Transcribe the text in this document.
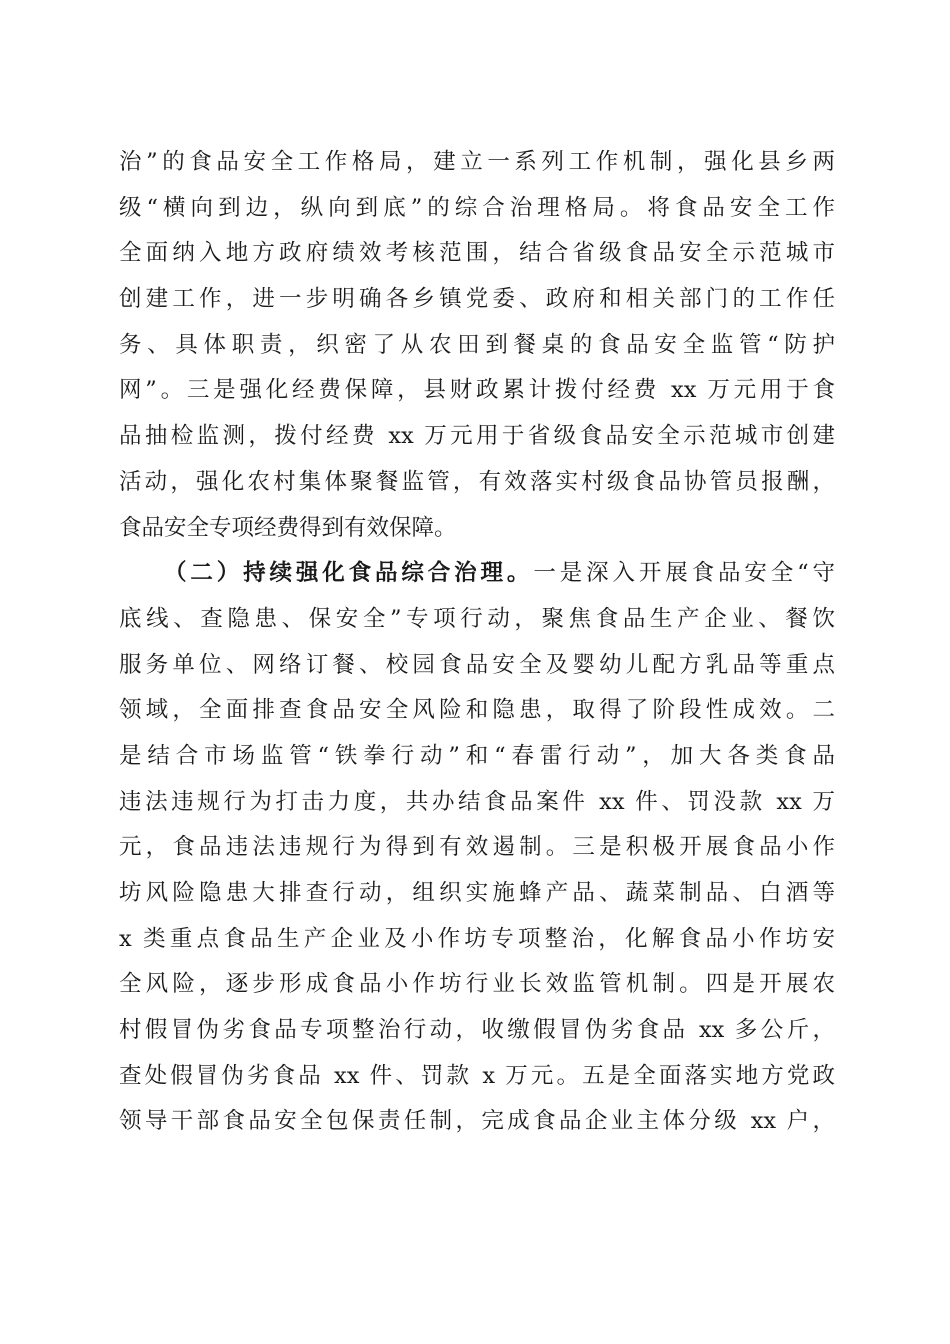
治”的食品安全工作格局，建立一系列工作机制，强化县乡两
级“横向到边，纵向到底”的综合治理格局。将食品安全工作
全面纳入地方政府绩效考核范围，结合省级食品安全示范城市
创建工作，进一步明确各乡镇党委、政府和相关部门的工作任
务、具体职责，织密了从农田到餐桌的食品安全监管“防护
网”。三是强化经费保障，县财政累计拨付经费 xx 万元用于食
品抽检监测，拨付经费 xx 万元用于省级食品安全示范城市创建
活动，强化农村集体聚餐监管，有效落实村级食品协管员报酬，
食品安全专项经费得到有效保障。
（二）持续强化食品综合治理。一是深入开展食品安全“守
底线、查隐患、保安全”专项行动，聚焦食品生产企业、餐饮
服务单位、网络订餐、校园食品安全及婴幼儿配方乳品等重点
领域，全面排查食品安全风险和隐患，取得了阶段性成效。二
是结合市场监管“铁拳行动”和“春雷行动”，加大各类食品
违法违规行为打击力度，共办结食品案件 xx 件、罚没款 xx 万
元，食品违法违规行为得到有效遏制。三是积极开展食品小作
坊风险隐患大排查行动，组织实施蜂产品、蔬菜制品、白酒等
x 类重点食品生产企业及小作坊专项整治，化解食品小作坊安
全风险，逐步形成食品小作坊行业长效监管机制。四是开展农
村假冒伪劣食品专项整治行动，收缴假冒伪劣食品 xx 多公斤，
查处假冒伪劣食品 xx 件、罚款 x 万元。五是全面落实地方党政
领导干部食品安全包保责任制，完成食品企业主体分级 xx 户，
